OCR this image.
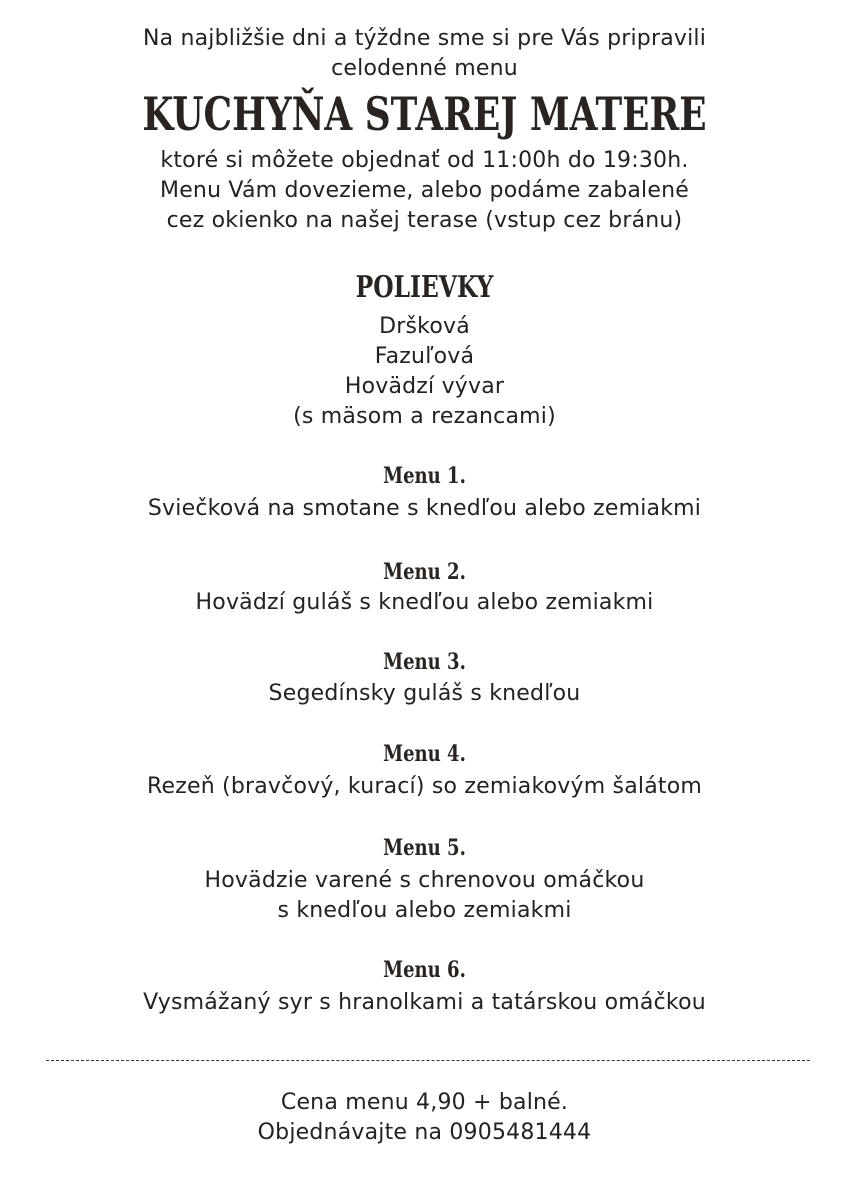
Na najbližšie dni a týždne sme si pre Vás pripravili
celodenné menu
KUCHYŇA STAREJ MATERE
ktoré si môžete objednať od 11:00h do 19:30h.
Menu Vám dovezieme, alebo podáme zabalené
cez okienko na našej terase (vstup cez bránu)
POLIEVKY
Dršková
Fazuľová
Hovädzí vývar
(s mäsom a rezancami)
Menu 1.
Sviečková na smotane s knedľou alebo zemiakmi
Menu 2.
Hovädzí guláš s knedľou alebo zemiakmi
Menu 3.
Segedínsky guláš s knedľou
Menu 4.
Rezeň (bravčový, kurací) so zemiakovým šalátom
Menu 5.
Hovädzie varené s chrenovou omáčkou
s knedľou alebo zemiakmi
Menu 6.
Vysmážaný syr s hranolkami a tatárskou omáčkou
Cena menu 4,90 + balné.
Objednávajte na 0905481444
